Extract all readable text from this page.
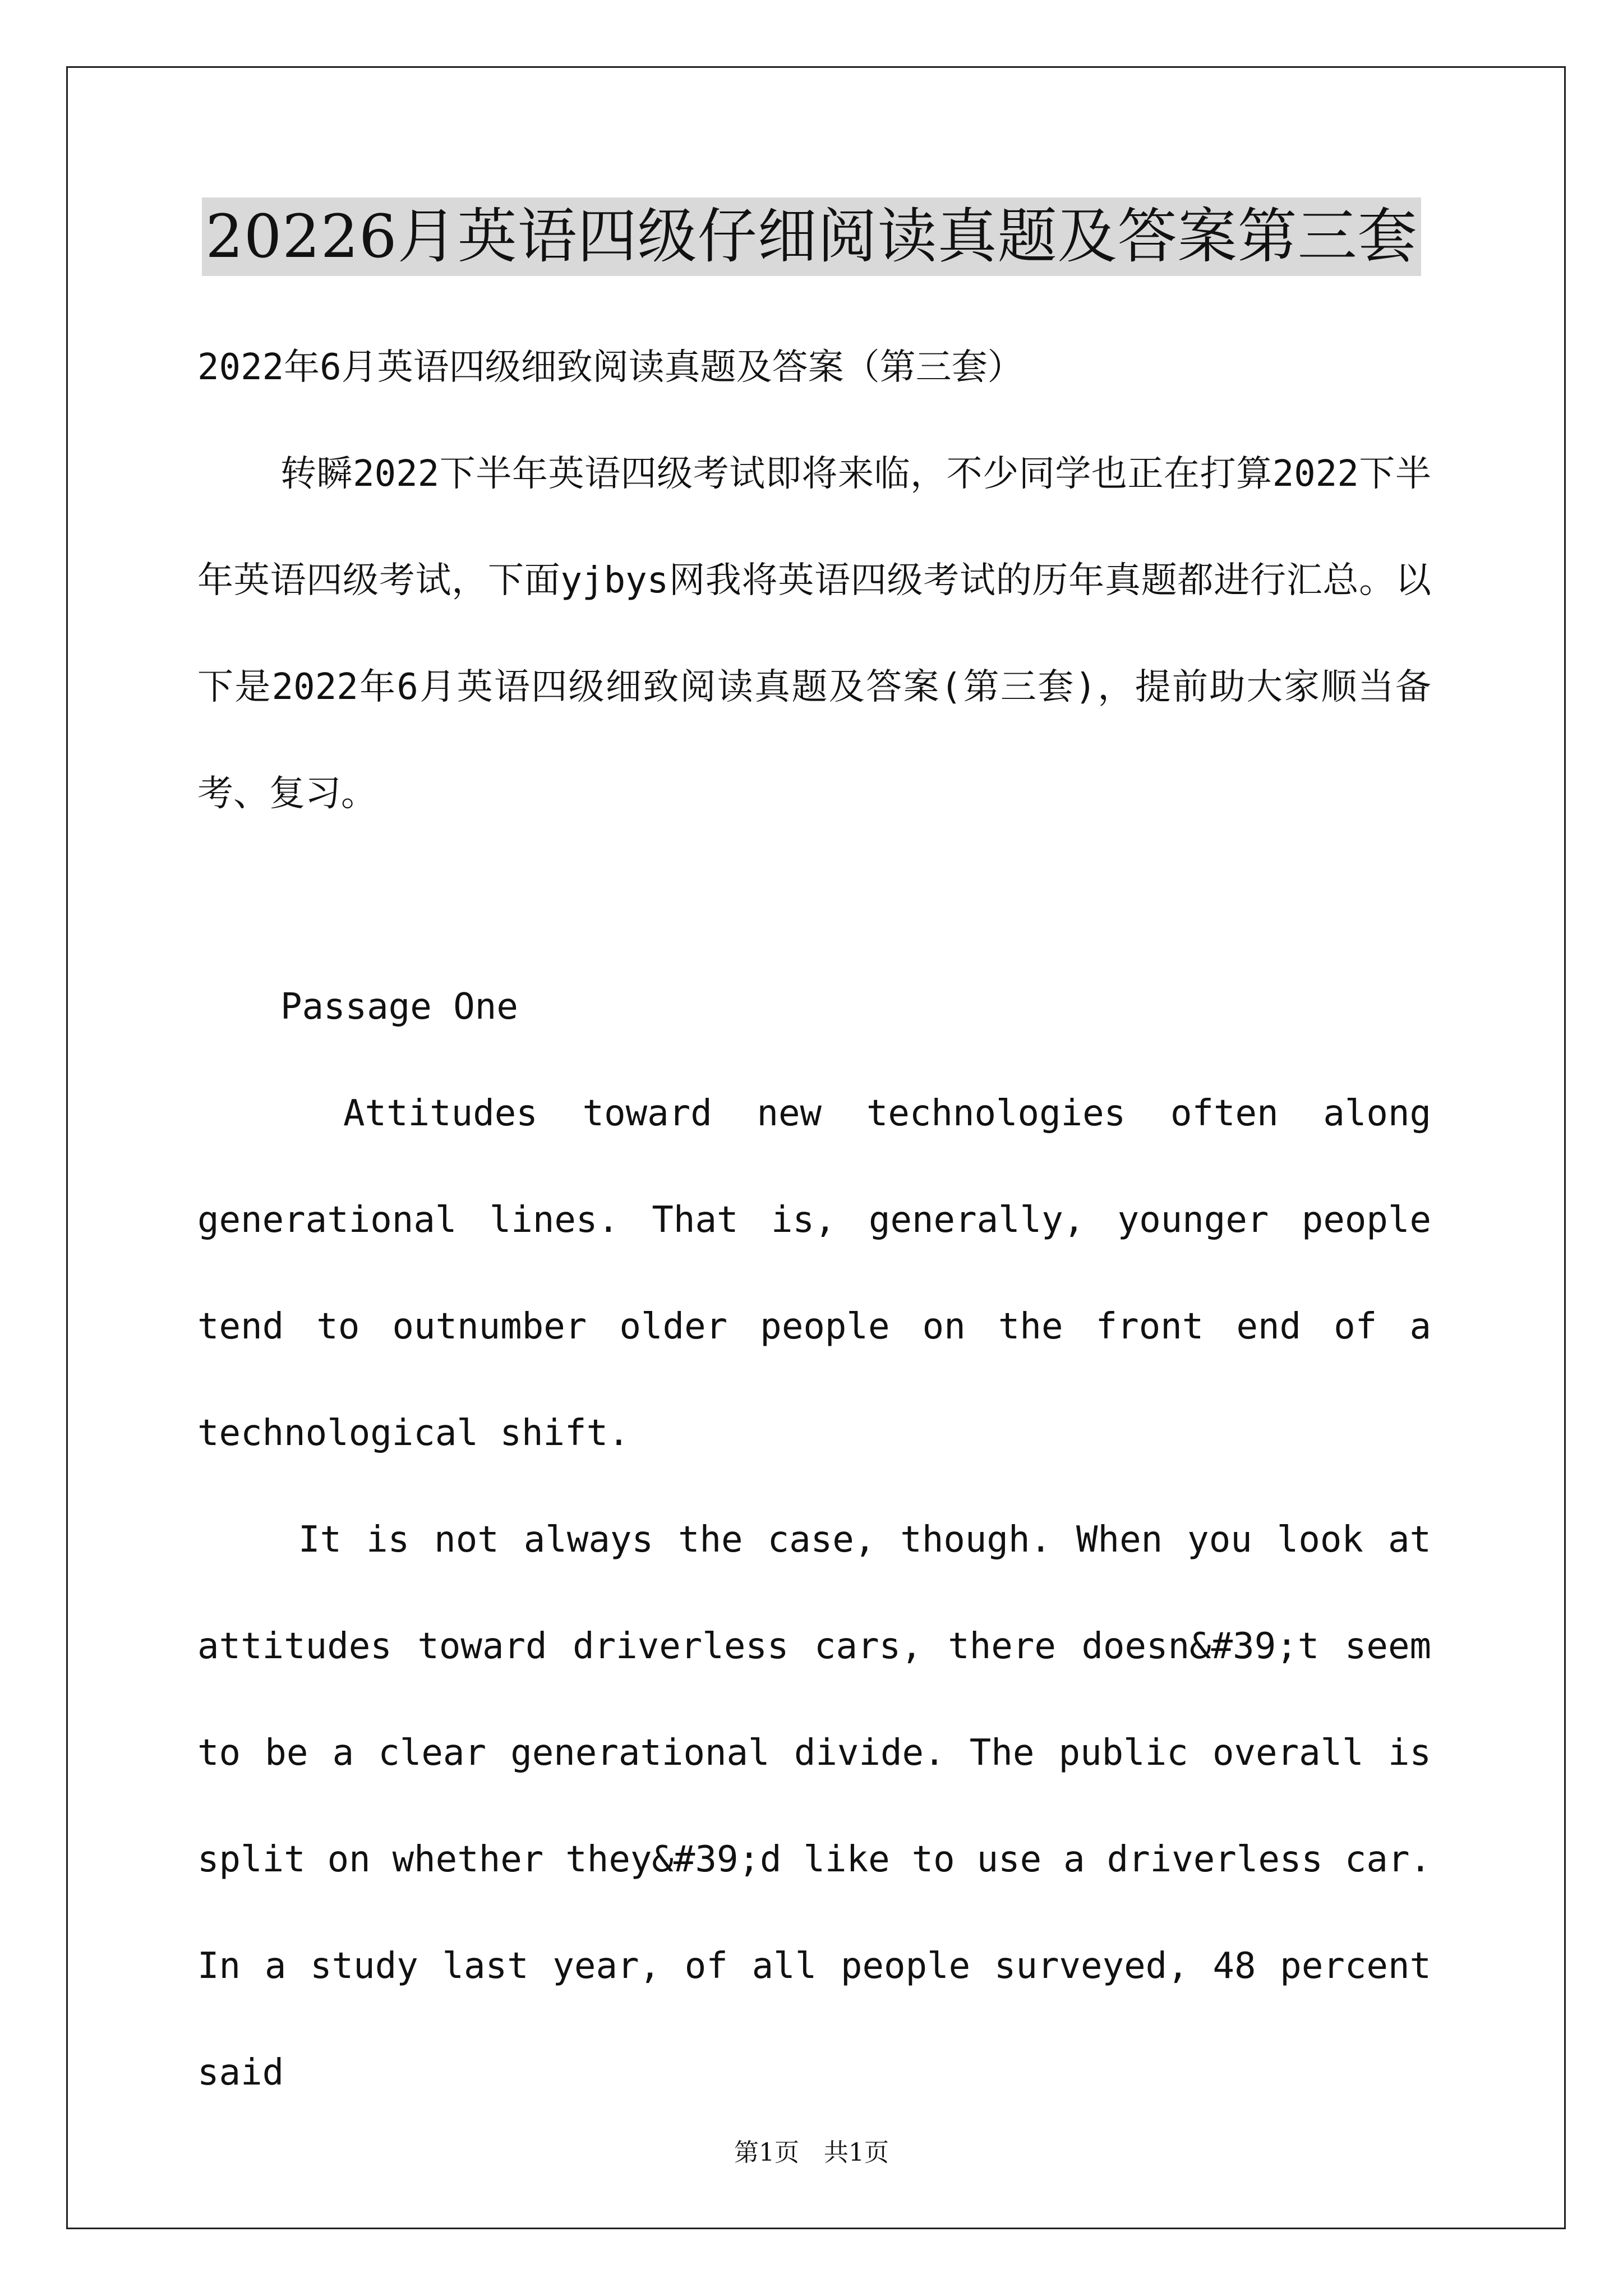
20226月英语四级仔细阅读真题及答案第三套

2022年6月英语四级细致阅读真题及答案（第三套）

转瞬2022下半年英语四级考试即将来临，不少同学也正在打算2022下半年英语四级考试，下面yjbys网我将英语四级考试的历年真题都进行汇总。以下是2022年6月英语四级细致阅读真题及答案(第三套)，提前助大家顺当备考、复习。

Passage One

Attitudes toward new technologies often along generational lines. That is, generally, younger people tend to outnumber older people on the front end of a technological shift.

It is not always the case, though. When you look at attitudes toward driverless cars, there doesn&#39;t seem to be a clear generational divide. The public overall is split on whether they&#39;d like to use a driverless car. In a study last year, of all people surveyed, 48 percent said

第1页　共1页
